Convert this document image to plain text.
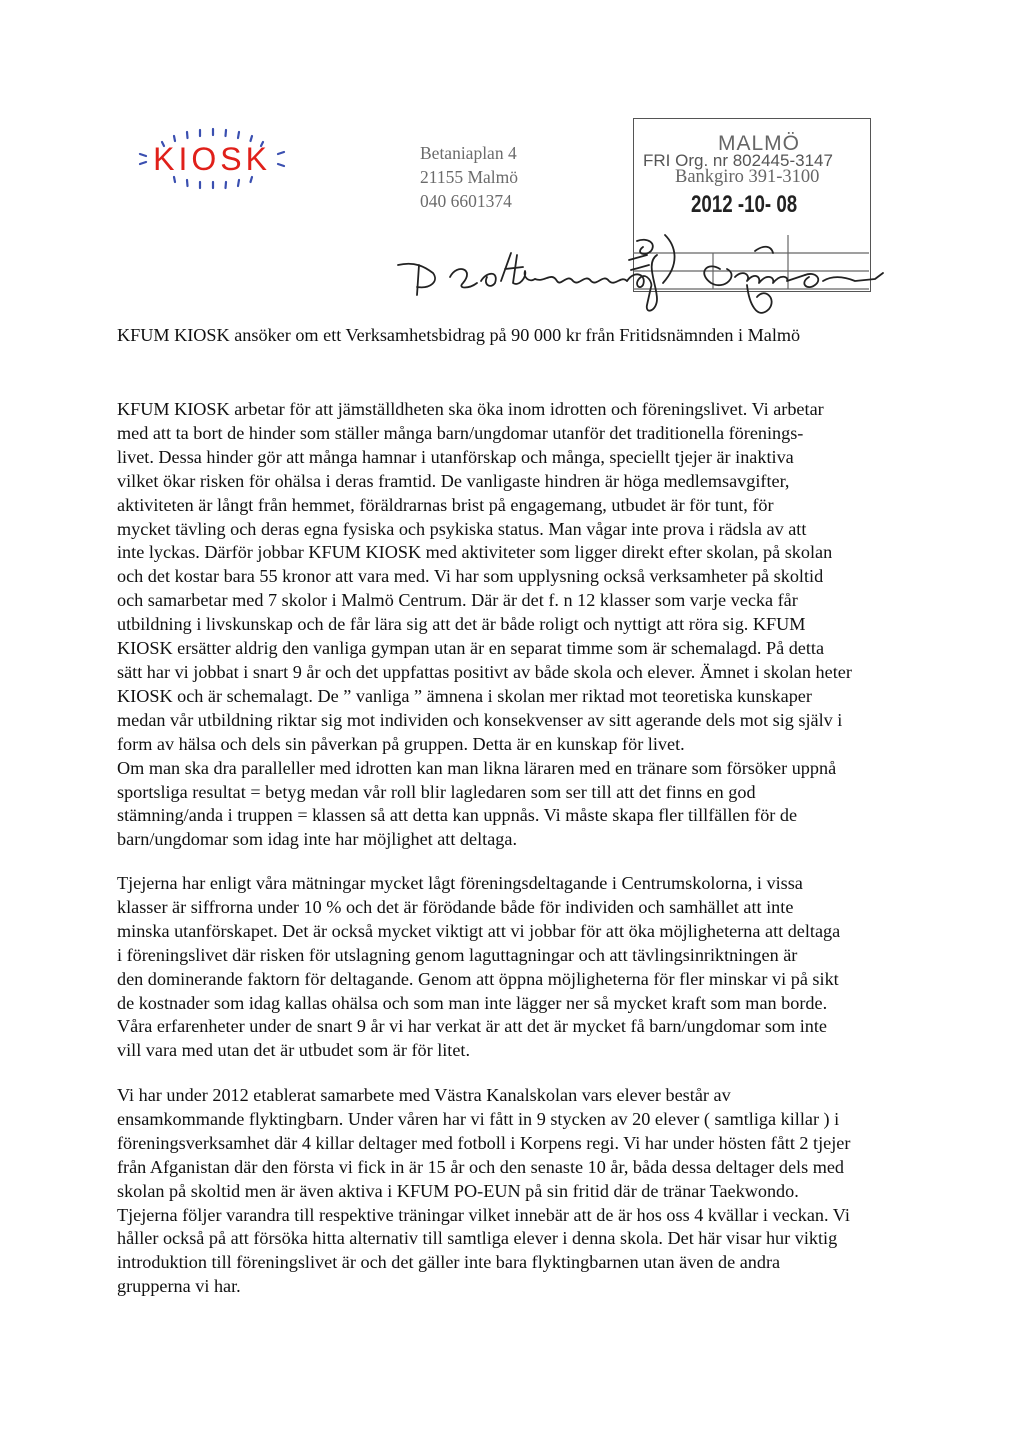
KIOSK	Betaniaplan 4
21155 Malmö
040 6601374
MALMÖ
FRI Org. nr 802445-3147
Bankgiro 391-3100
2012 -10- 08
KFUM KIOSK ansöker om ett Verksamhetsbidrag på 90 000 kr från Fritidsnämnden i Malmö
KFUM KIOSK arbetar för att jämställdheten ska öka inom idrotten och föreningslivet. Vi arbetar
med att ta bort de hinder som ställer många barn/ungdomar utanför det traditionella förenings-
livet. Dessa hinder gör att många hamnar i utanförskap och många, speciellt tjejer är inaktiva
vilket ökar risken för ohälsa i deras framtid. De vanligaste hindren är höga medlemsavgifter,
aktiviteten är långt från hemmet, föräldrarnas brist på engagemang, utbudet är för tunt, för
mycket tävling och deras egna fysiska och psykiska status. Man vågar inte prova i rädsla av att
inte lyckas. Därför jobbar KFUM KIOSK med aktiviteter som ligger direkt efter skolan, på skolan
och det kostar bara 55 kronor att vara med. Vi har som upplysning också verksamheter på skoltid
och samarbetar med 7 skolor i Malmö Centrum. Där är det f. n 12 klasser som varje vecka får
utbildning i livskunskap och de får lära sig att det är både roligt och nyttigt att röra sig. KFUM
KIOSK ersätter aldrig den vanliga gympan utan är en separat timme som är schemalagd. På detta
sätt har vi jobbat i snart 9 år och det uppfattas positivt av både skola och elever. Ämnet i skolan heter
KIOSK och är schemalagt. De ” vanliga ” ämnena i skolan mer riktad mot teoretiska kunskaper
medan vår utbildning riktar sig mot individen och konsekvenser av sitt agerande dels mot sig själv i
form av hälsa och dels sin påverkan på gruppen. Detta är en kunskap för livet.
Om man ska dra paralleller med idrotten kan man likna läraren med en tränare som försöker uppnå
sportsliga resultat = betyg medan vår roll blir lagledaren som ser till att det finns en god
stämning/anda i truppen = klassen så att detta kan uppnås. Vi måste skapa fler tillfällen för de
barn/ungdomar som idag inte har möjlighet att deltaga.
Tjejerna har enligt våra mätningar mycket lågt föreningsdeltagande i Centrumskolorna, i vissa
klasser är siffrorna under 10 % och det är förödande både för individen och samhället att inte
minska utanförskapet. Det är också mycket viktigt att vi jobbar för att öka möjligheterna att deltaga
i föreningslivet där risken för utslagning genom laguttagningar och att tävlingsinriktningen är
den dominerande faktorn för deltagande. Genom att öppna möjligheterna för fler minskar vi på sikt
de kostnader som idag kallas ohälsa och som man inte lägger ner så mycket kraft som man borde.
Våra erfarenheter under de snart 9 år vi har verkat är att det är mycket få barn/ungdomar som inte
vill vara med utan det är utbudet som är för litet.
Vi har under 2012 etablerat samarbete med Västra Kanalskolan vars elever består av
ensamkommande flyktingbarn. Under våren har vi fått in 9 stycken av 20 elever ( samtliga killar ) i
föreningsverksamhet där 4 killar deltager med fotboll i Korpens regi. Vi har under hösten fått 2 tjejer
från Afganistan där den första vi fick in är 15 år och den senaste 10 år, båda dessa deltager dels med
skolan på skoltid men är även aktiva i KFUM PO-EUN på sin fritid där de tränar Taekwondo.
Tjejerna följer varandra till respektive träningar vilket innebär att de är hos oss 4 kvällar i veckan. Vi
håller också på att försöka hitta alternativ till samtliga elever i denna skola. Det här visar hur viktig
introduktion till föreningslivet är och det gäller inte bara flyktingbarnen utan även de andra
grupperna vi har.
